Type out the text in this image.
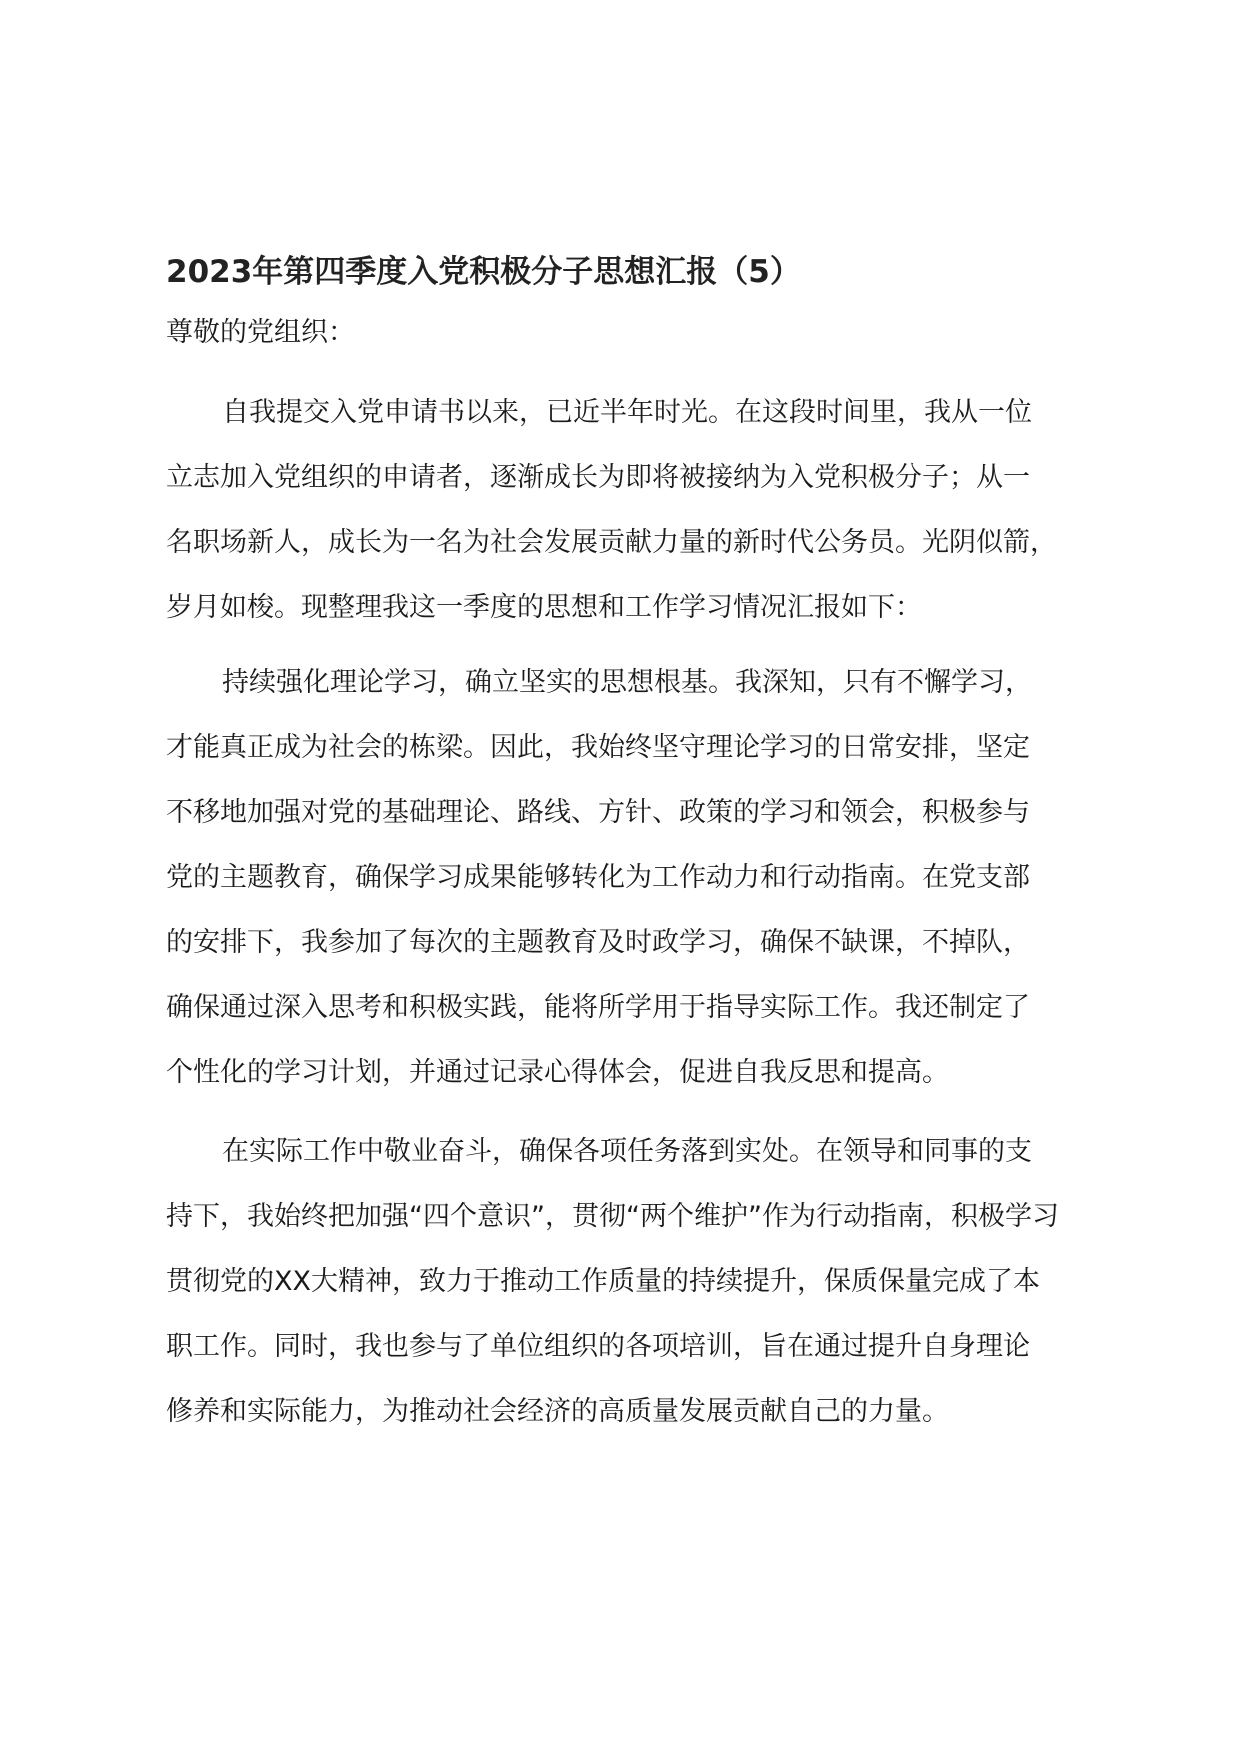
2023年第四季度入党积极分子思想汇报（5）

尊敬的党组织：

自我提交入党申请书以来，已近半年时光。在这段时间里，我从一位
立志加入党组织的申请者，逐渐成长为即将被接纳为入党积极分子；从一
名职场新人，成长为一名为社会发展贡献力量的新时代公务员。光阴似箭，
岁月如梭。现整理我这一季度的思想和工作学习情况汇报如下：
持续强化理论学习，确立坚实的思想根基。我深知，只有不懈学习，
才能真正成为社会的栋梁。因此，我始终坚守理论学习的日常安排，坚定
不移地加强对党的基础理论、路线、方针、政策的学习和领会，积极参与
党的主题教育，确保学习成果能够转化为工作动力和行动指南。在党支部
的安排下，我参加了每次的主题教育及时政学习，确保不缺课，不掉队，
确保通过深入思考和积极实践，能将所学用于指导实际工作。我还制定了
个性化的学习计划，并通过记录心得体会，促进自我反思和提高。
在实际工作中敬业奋斗，确保各项任务落到实处。在领导和同事的支
持下，我始终把加强“四个意识”，贯彻“两个维护”作为行动指南，积极学习
贯彻党的XX大精神，致力于推动工作质量的持续提升，保质保量完成了本
职工作。同时，我也参与了单位组织的各项培训，旨在通过提升自身理论
修养和实际能力，为推动社会经济的高质量发展贡献自己的力量。
